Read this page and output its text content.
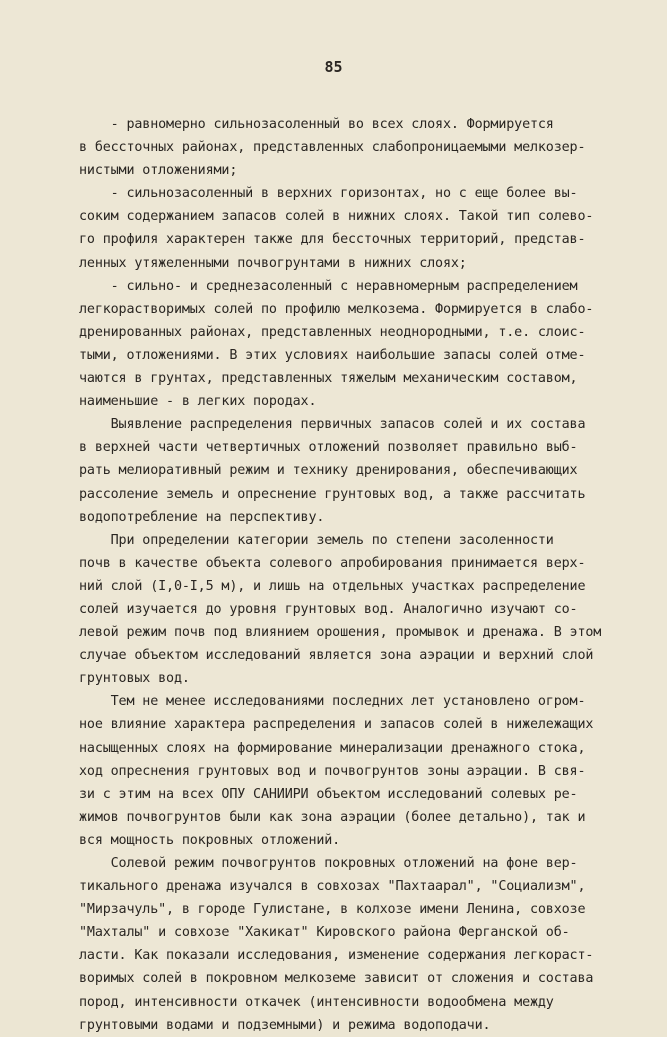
85
- равномерно сильнозасоленный во всех слоях. Формируется
в бессточных районах, представленных слабопроницаемыми мелкозер-
нистыми отложениями;
- сильнозасоленный в верхних горизонтах, но с еще более вы-
соким содержанием запасов солей в нижних слоях. Такой тип солево-
го профиля характерен также для бессточных территорий, представ-
ленных утяжеленными почвогрунтами в нижних слоях;
- сильно- и среднезасоленный с неравномерным распределением
легкорастворимых солей по профилю мелкозема. Формируется в слабо-
дренированных районах, представленных неоднородными, т.е. слоис-
тыми, отложениями. В этих условиях наибольшие запасы солей отме-
чаются в грунтах, представленных тяжелым механическим составом,
наименьшие - в легких породах.
Выявление распределения первичных запасов солей и их состава
в верхней части четвертичных отложений позволяет правильно выб-
рать мелиоративный режим и технику дренирования, обеспечивающих
рассоление земель и опреснение грунтовых вод, а также рассчитать
водопотребление на перспективу.
При определении категории земель по степени засоленности
почв в качестве объекта солевого апробирования принимается верх-
ний слой (I,0-I,5 м), и лишь на отдельных участках распределение
солей изучается до уровня грунтовых вод. Аналогично изучают со-
левой режим почв под влиянием орошения, промывок и дренажа. В этом
случае объектом исследований является зона аэрации и верхний слой
грунтовых вод.
Тем не менее исследованиями последних лет установлено огром-
ное влияние характера распределения и запасов солей в нижележащих
насыщенных слоях на формирование минерализации дренажного стока,
ход опреснения грунтовых вод и почвогрунтов зоны аэрации. В свя-
зи с этим на всех ОПУ САНИИРИ объектом исследований солевых ре-
жимов почвогрунтов были как зона аэрации (более детально), так и
вся мощность покровных отложений.
Солевой режим почвогрунтов покровных отложений на фоне вер-
тикального дренажа изучался в совхозах "Пахтаарал", "Социализм",
"Мирзачуль", в городе Гулистане, в колхозе имени Ленина, совхозе
"Махталы" и совхозе "Хакикат" Кировского района Ферганской об-
ласти. Как показали исследования, изменение содержания легкораст-
воримых солей в покровном мелкоземе зависит от сложения и состава
пород, интенсивности откачек (интенсивности водообмена между
грунтовыми водами и подземными) и режима водоподачи.
